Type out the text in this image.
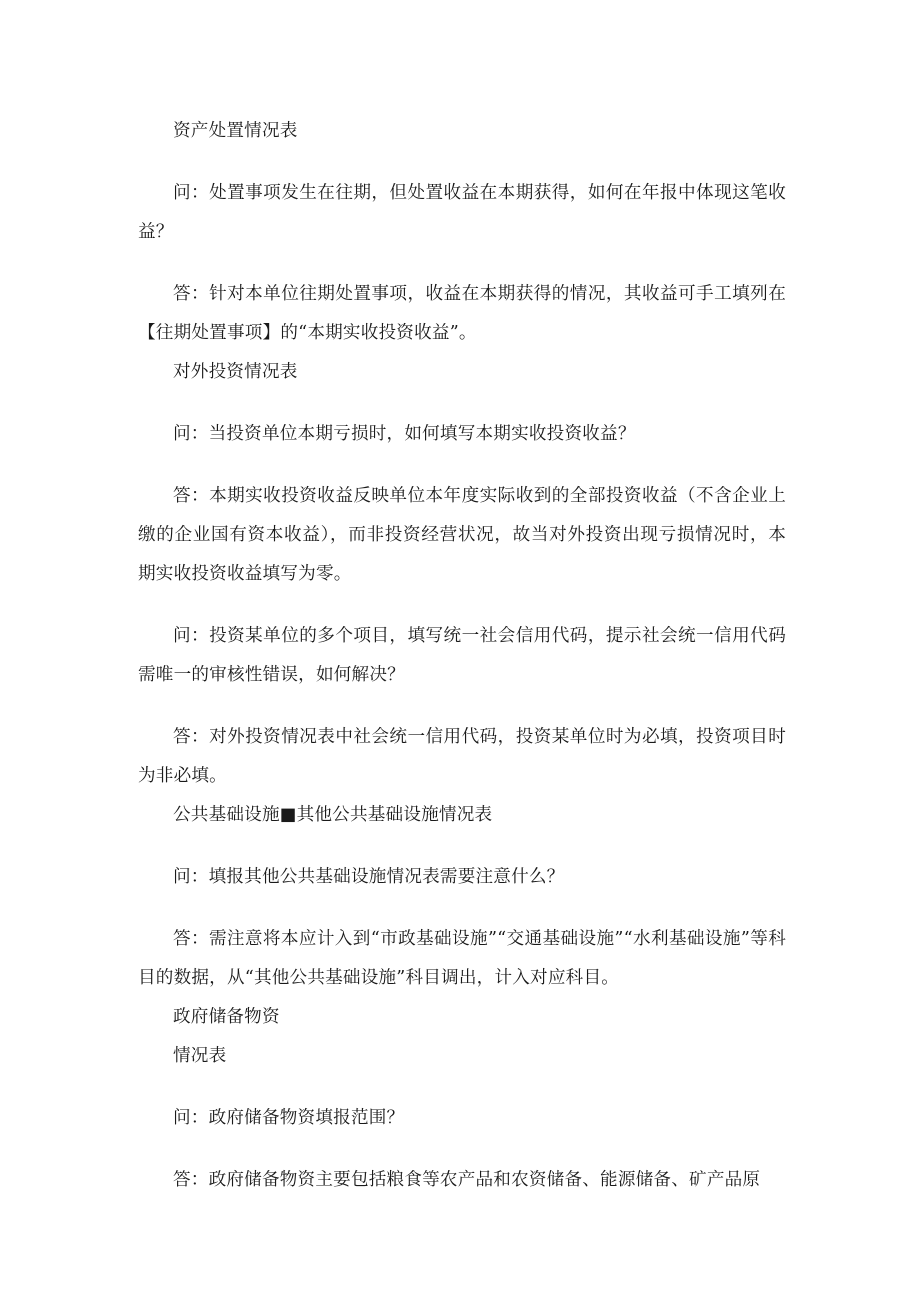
资产处置情况表

问：处置事项发生在往期，但处置收益在本期获得，如何在年报中体现这笔收益？

答：针对本单位往期处置事项，收益在本期获得的情况，其收益可手工填列在【往期处置事项】的“本期实收投资收益”。

对外投资情况表

问：当投资单位本期亏损时，如何填写本期实收投资收益？

答：本期实收投资收益反映单位本年度实际收到的全部投资收益（不含企业上缴的企业国有资本收益），而非投资经营状况，故当对外投资出现亏损情况时，本期实收投资收益填写为零。

问：投资某单位的多个项目，填写统一社会信用代码，提示社会统一信用代码需唯一的审核性错误，如何解决？

答：对外投资情况表中社会统一信用代码，投资某单位时为必填，投资项目时为非必填。

公共基础设施■其他公共基础设施情况表

问：填报其他公共基础设施情况表需要注意什么？

答：需注意将本应计入到“市政基础设施”“交通基础设施”“水利基础设施”等科目的数据，从“其他公共基础设施”科目调出，计入对应科目。

政府储备物资

情况表

问：政府储备物资填报范围？

答：政府储备物资主要包括粮食等农产品和农资储备、能源储备、矿产品原
